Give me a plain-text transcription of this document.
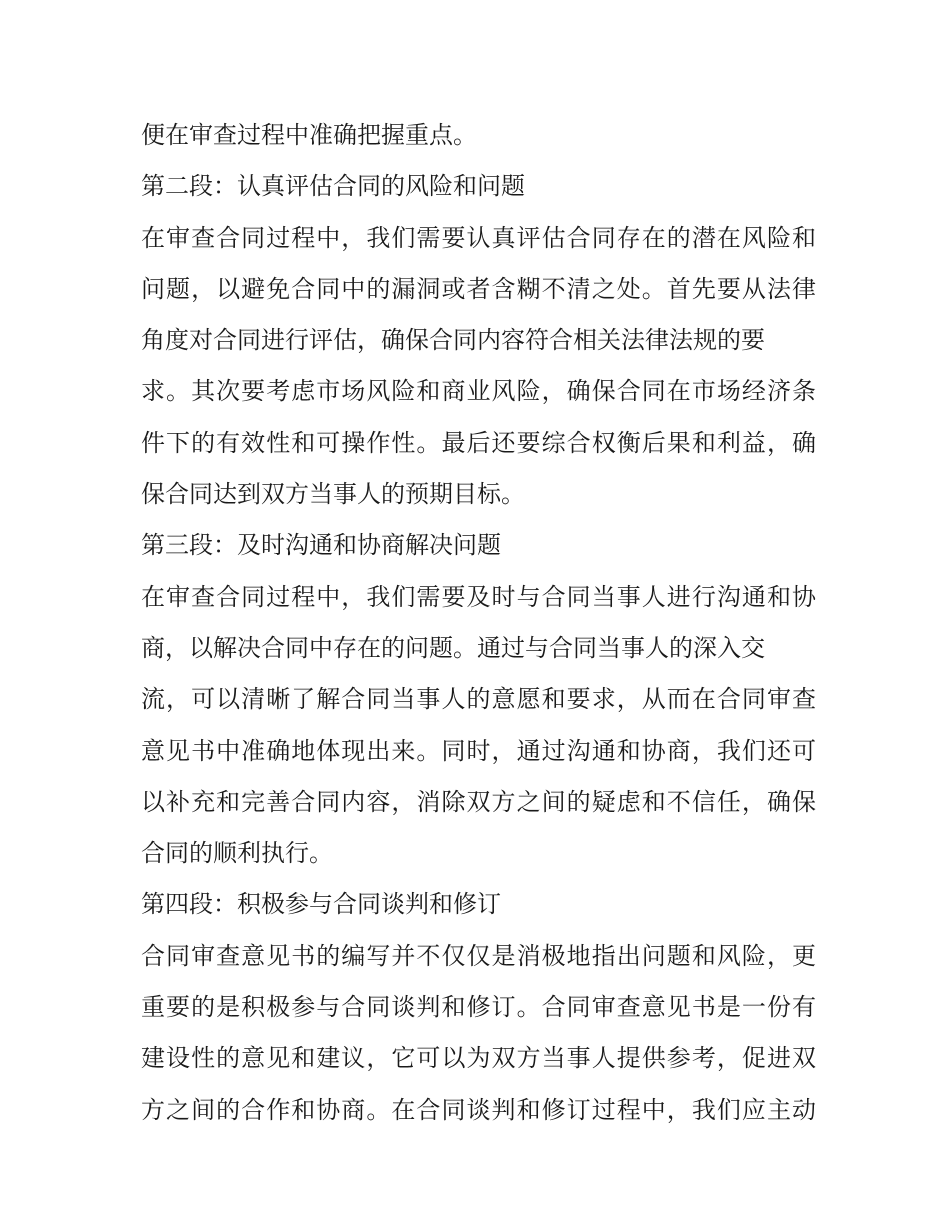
便在审查过程中准确把握重点。
第二段：认真评估合同的风险和问题
在审查合同过程中，我们需要认真评估合同存在的潜在风险和
问题，以避免合同中的漏洞或者含糊不清之处。首先要从法律
角度对合同进行评估，确保合同内容符合相关法律法规的要
求。其次要考虑市场风险和商业风险，确保合同在市场经济条
件下的有效性和可操作性。最后还要综合权衡后果和利益，确
保合同达到双方当事人的预期目标。
第三段：及时沟通和协商解决问题
在审查合同过程中，我们需要及时与合同当事人进行沟通和协
商，以解决合同中存在的问题。通过与合同当事人的深入交
流，可以清晰了解合同当事人的意愿和要求，从而在合同审查
意见书中准确地体现出来。同时，通过沟通和协商，我们还可
以补充和完善合同内容，消除双方之间的疑虑和不信任，确保
合同的顺利执行。
第四段：积极参与合同谈判和修订
合同审查意见书的编写并不仅仅是消极地指出问题和风险，更
重要的是积极参与合同谈判和修订。合同审查意见书是一份有
建设性的意见和建议，它可以为双方当事人提供参考，促进双
方之间的合作和协商。在合同谈判和修订过程中，我们应主动
